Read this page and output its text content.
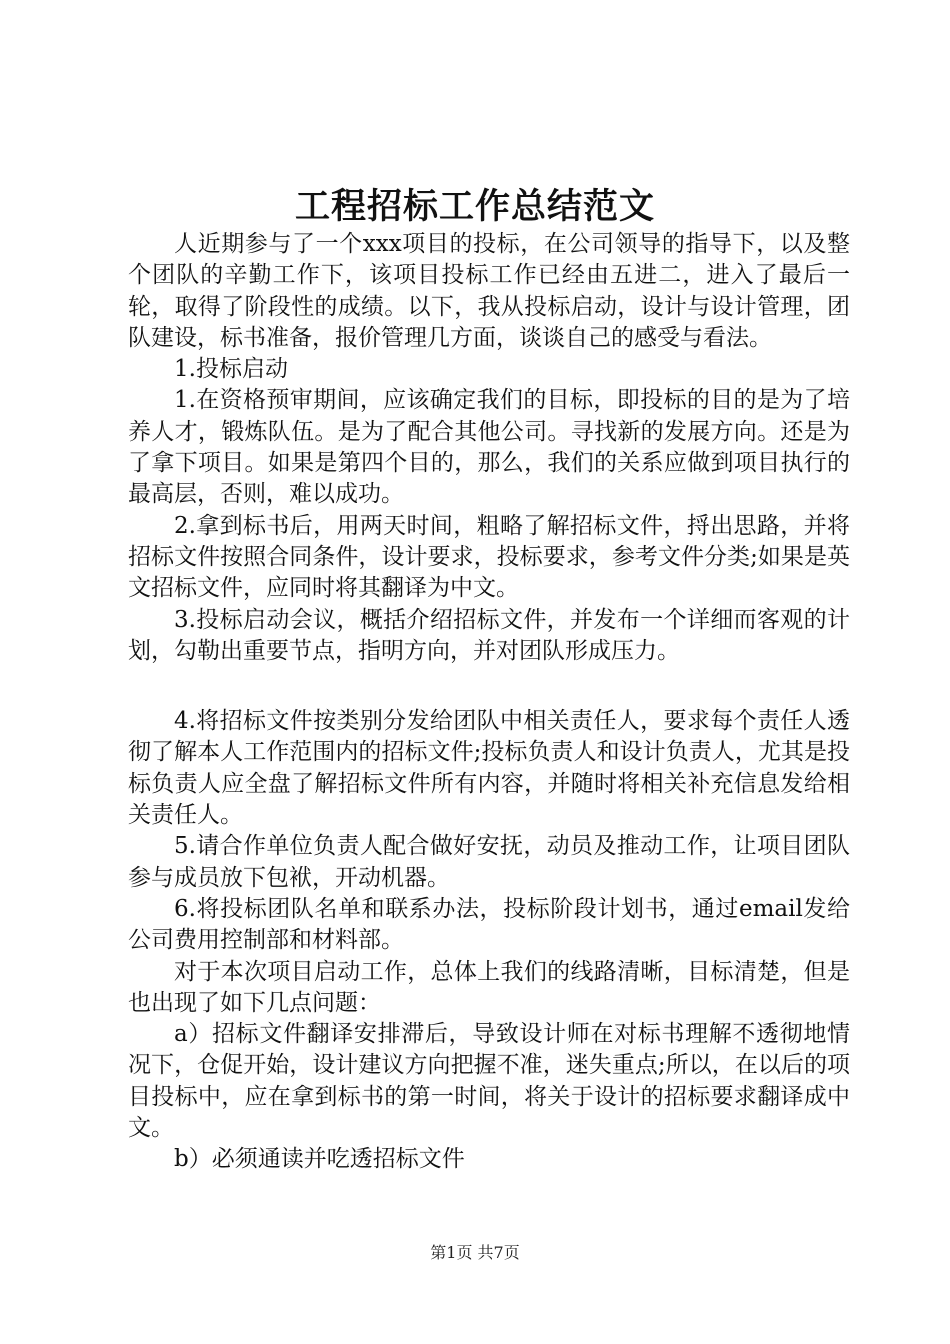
工程招标工作总结范文

人近期参与了一个xxx项目的投标，在公司领导的指导下，以及整个团队的辛勤工作下，该项目投标工作已经由五进二，进入了最后一轮，取得了阶段性的成绩。以下，我从投标启动，设计与设计管理，团队建设，标书准备，报价管理几方面，谈谈自己的感受与看法。

1.投标启动

1.在资格预审期间，应该确定我们的目标，即投标的目的是为了培养人才，锻炼队伍。是为了配合其他公司。寻找新的发展方向。还是为了拿下项目。如果是第四个目的，那么，我们的关系应做到项目执行的最高层，否则，难以成功。

2.拿到标书后，用两天时间，粗略了解招标文件，捋出思路，并将招标文件按照合同条件，设计要求，投标要求，参考文件分类;如果是英文招标文件，应同时将其翻译为中文。

3.投标启动会议，概括介绍招标文件，并发布一个详细而客观的计划，勾勒出重要节点，指明方向，并对团队形成压力。

4.将招标文件按类别分发给团队中相关责任人，要求每个责任人透彻了解本人工作范围内的招标文件;投标负责人和设计负责人，尤其是投标负责人应全盘了解招标文件所有内容，并随时将相关补充信息发给相关责任人。

5.请合作单位负责人配合做好安抚，动员及推动工作，让项目团队参与成员放下包袱，开动机器。

6.将投标团队名单和联系办法，投标阶段计划书，通过email发给公司费用控制部和材料部。

对于本次项目启动工作，总体上我们的线路清晰，目标清楚，但是也出现了如下几点问题：

a）招标文件翻译安排滞后，导致设计师在对标书理解不透彻地情况下，仓促开始，设计建议方向把握不准，迷失重点;所以，在以后的项目投标中，应在拿到标书的第一时间，将关于设计的招标要求翻译成中文。

b）必须通读并吃透招标文件

第1页 共7页
